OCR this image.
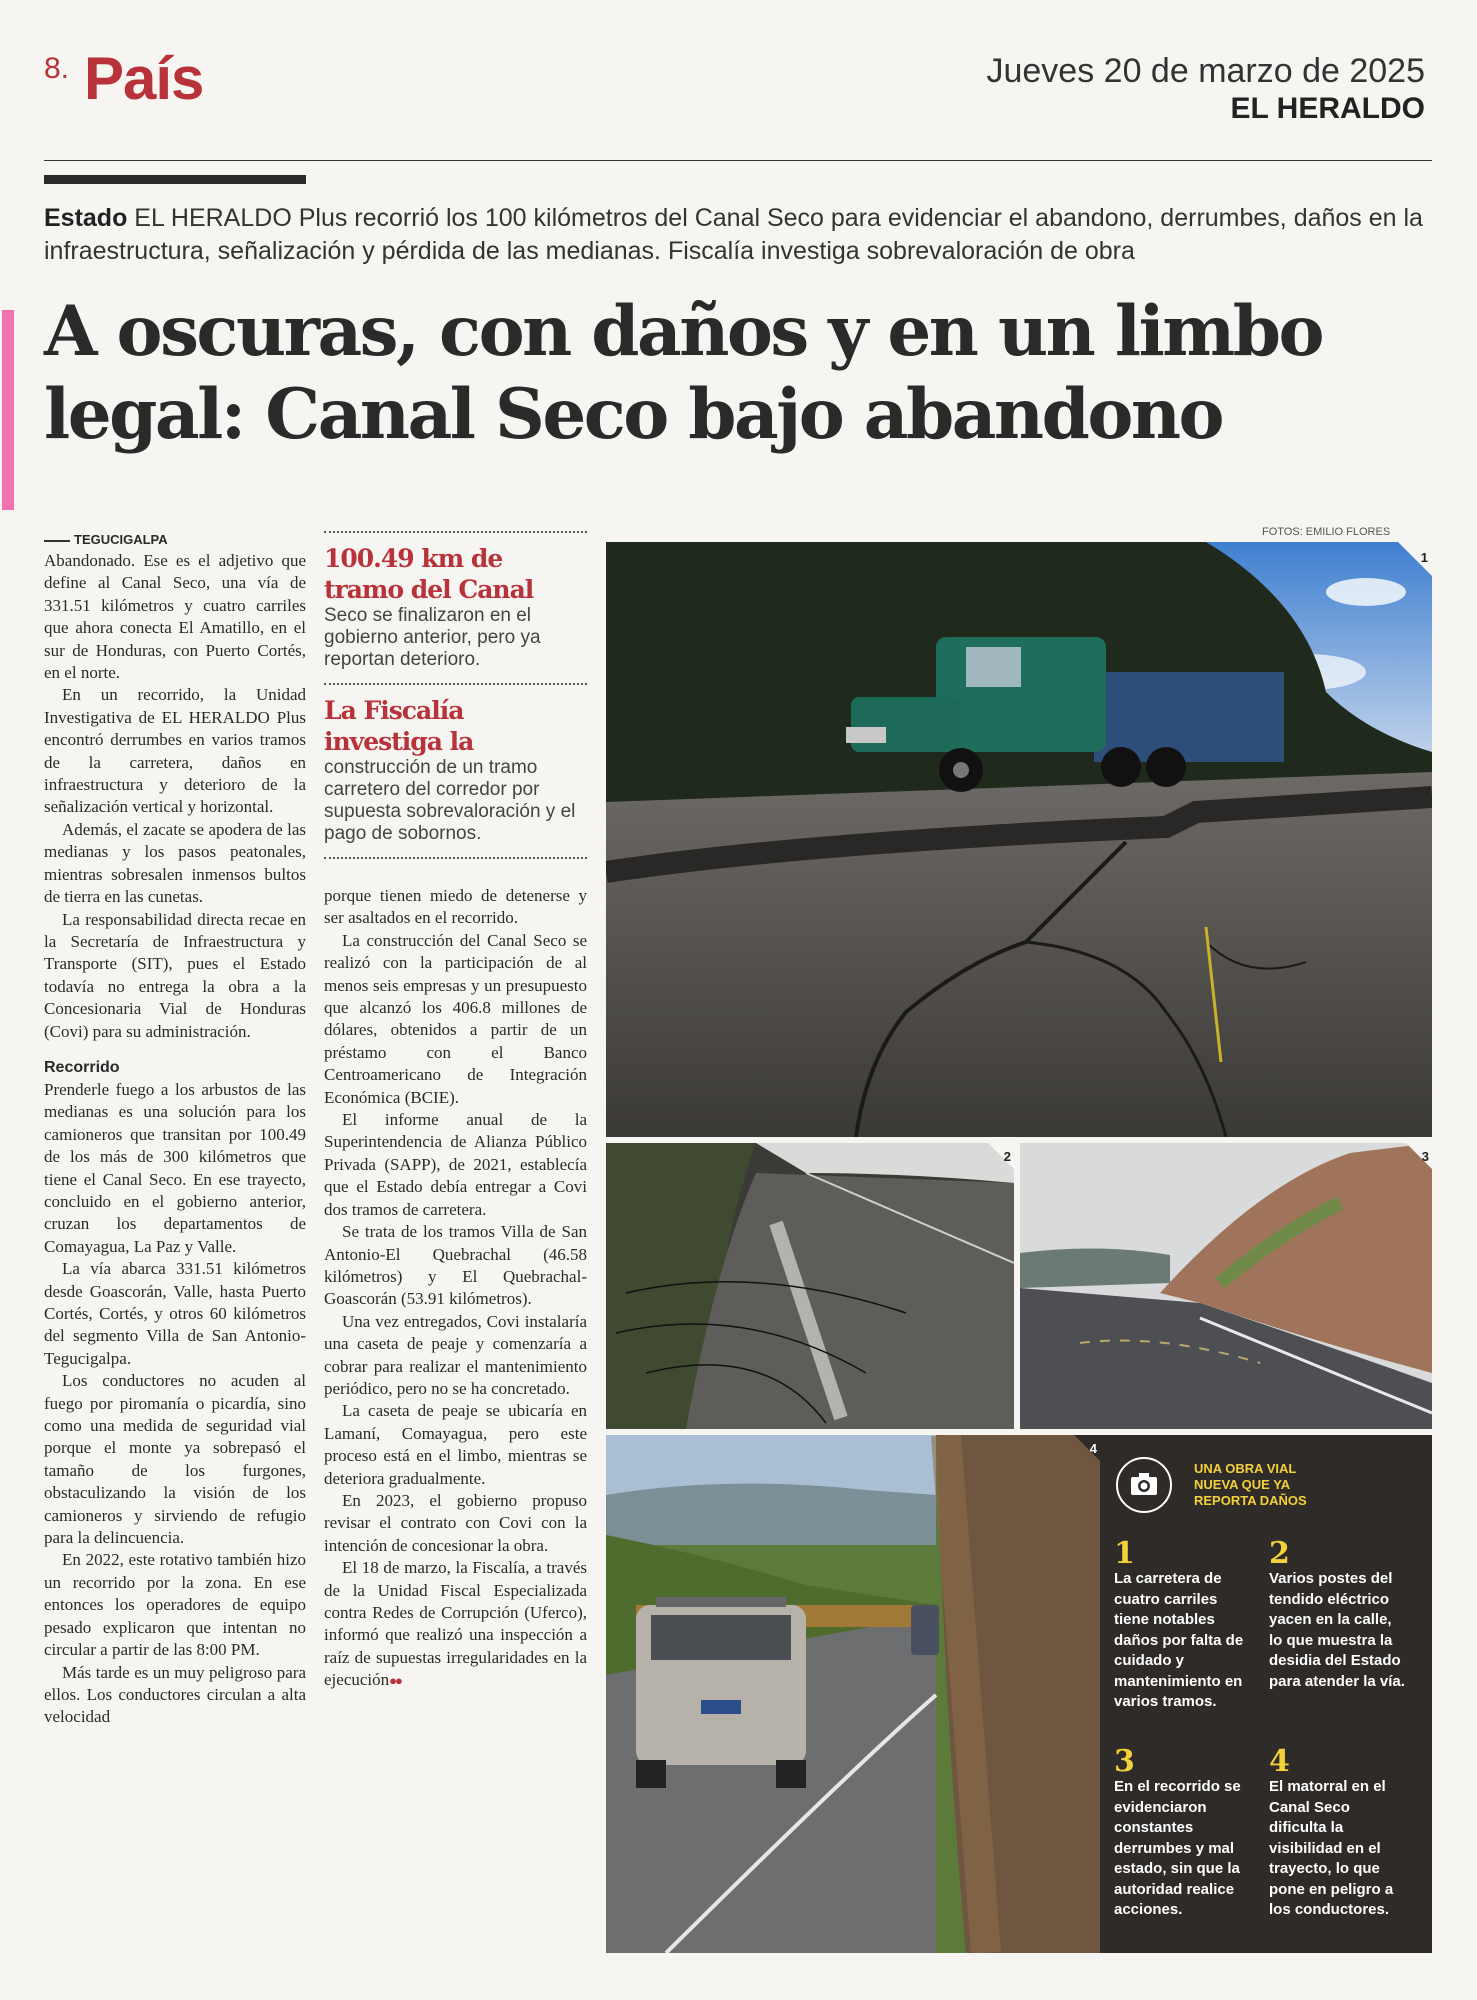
8. País	Jueves 20 de marzo de 2025
EL HERALDO
Estado EL HERALDO Plus recorrió los 100 kilómetros del Canal Seco para evidenciar el abandono, derrumbes, daños en la infraestructura, señalización y pérdida de las medianas. Fiscalía investiga sobrevaloración de obra
A oscuras, con daños y en un limbo legal: Canal Seco bajo abandono
TEGUCIGALPA

Abandonado. Ese es el adjetivo que define al Canal Seco, una vía de 331.51 kilómetros y cuatro carriles que ahora conecta El Amatillo, en el sur de Honduras, con Puerto Cortés, en el norte.

En un recorrido, la Unidad Investigativa de EL HERALDO Plus encontró derrumbes en varios tramos de la carretera, daños en infraestructura y deterioro de la señalización vertical y horizontal.

Además, el zacate se apodera de las medianas y los pasos peatonales, mientras sobresalen inmensos bultos de tierra en las cunetas.

La responsabilidad directa recae en la Secretaría de Infraestructura y Transporte (SIT), pues el Estado todavía no entrega la obra a la Concesionaria Vial de Honduras (Covi) para su administración.

Recorrido

Prenderle fuego a los arbustos de las medianas es una solución para los camioneros que transitan por 100.49 de los más de 300 kilómetros que tiene el Canal Seco. En ese trayecto, concluido en el gobierno anterior, cruzan los departamentos de Comayagua, La Paz y Valle.

La vía abarca 331.51 kilómetros desde Goascorán, Valle, hasta Puerto Cortés, Cortés, y otros 60 kilómetros del segmento Villa de San Antonio-Tegucigalpa.

Los conductores no acuden al fuego por piromanía o picardía, sino como una medida de seguridad vial porque el monte ya sobrepasó el tamaño de los furgones, obstaculizando la visión de los camioneros y sirviendo de refugio para la delincuencia.

En 2022, este rotativo también hizo un recorrido por la zona. En ese entonces los operadores de equipo pesado explicaron que intentan no circular a partir de las 8:00 PM.

Más tarde es un muy peligroso para ellos. Los conductores circulan a alta velocidad

100.49 km de tramo del Canal
Seco se finalizaron en el gobierno anterior, pero ya reportan deterioro.
La Fiscalía investiga la
construcción de un tramo carretero del corredor por supuesta sobrevaloración y el pago de sobornos.

porque tienen miedo de detenerse y ser asaltados en el recorrido.

La construcción del Canal Seco se realizó con la participación de al menos seis empresas y un presupuesto que alcanzó los 406.8 millones de dólares, obtenidos a partir de un préstamo con el Banco Centroamericano de Integración Económica (BCIE).

El informe anual de la Superintendencia de Alianza Público Privada (SAPP), de 2021, establecía que el Estado debía entregar a Covi dos tramos de carretera.

Se trata de los tramos Villa de San Antonio-El Quebrachal (46.58 kilómetros) y El Quebrachal-Goascorán (53.91 kilómetros).

Una vez entregados, Covi instalaría una caseta de peaje y comenzaría a cobrar para realizar el mantenimiento periódico, pero no se ha concretado.

La caseta de peaje se ubicaría en Lamaní, Comayagua, pero este proceso está en el limbo, mientras se deteriora gradualmente.

En 2023, el gobierno propuso revisar el contrato con Covi con la intención de concesionar la obra.

El 18 de marzo, la Fiscalía, a través de la Unidad Fiscal Especializada contra Redes de Corrupción (Uferco), informó que realizó una inspección a raíz de supuestas irregularidades en la ejecución●●

FOTOS: EMILIO FLORES
1
2	3
4
UNA OBRA VIAL NUEVA QUE YA REPORTA DAÑOS
1
La carretera de cuatro carriles tiene notables daños por falta de cuidado y mantenimiento en varios tramos.
2
Varios postes del tendido eléctrico yacen en la calle, lo que muestra la desidia del Estado para atender la vía.
3
En el recorrido se evidenciaron constantes derrumbes y mal estado, sin que la autoridad realice acciones.
4
El matorral en el Canal Seco dificulta la visibilidad en el trayecto, lo que pone en peligro a los conductores.
